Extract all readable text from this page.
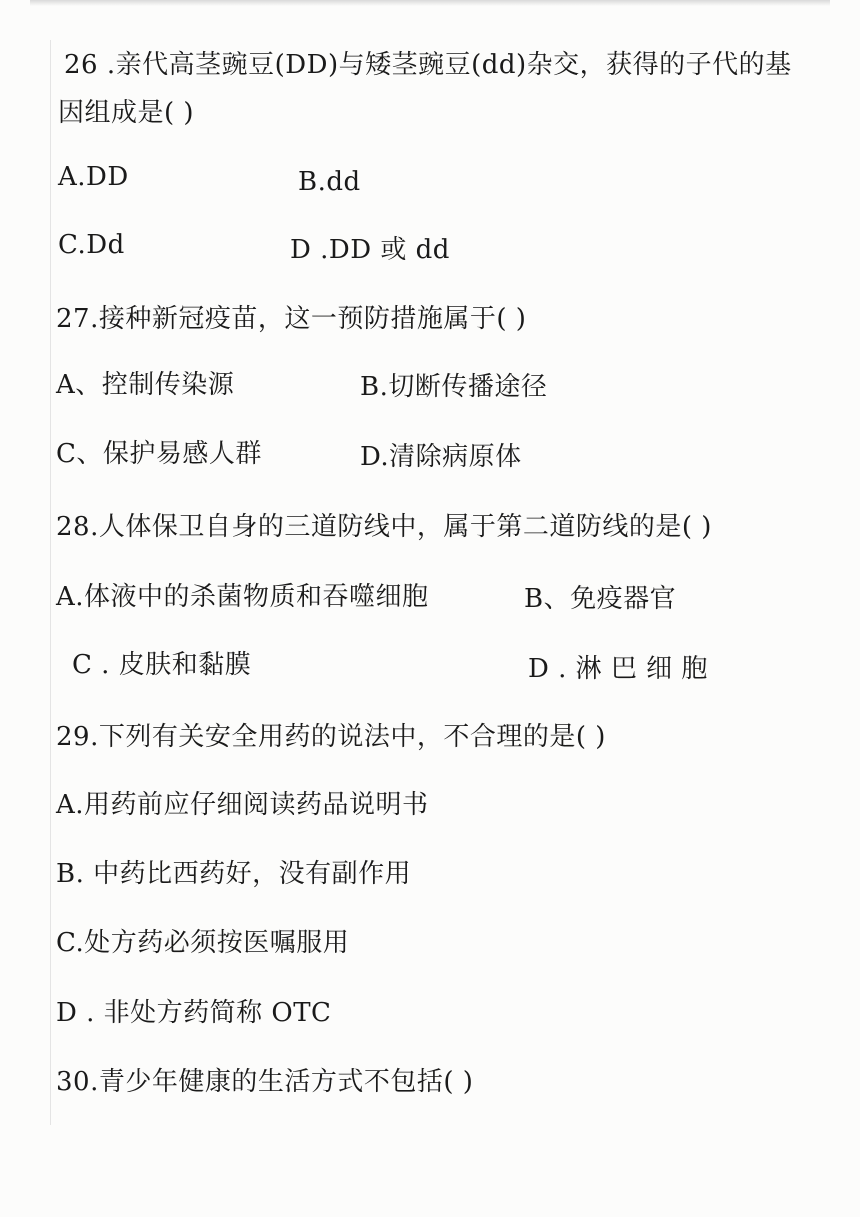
26 .亲代高茎豌豆(DD)与矮茎豌豆(dd)杂交，获得的子代的基
因组成是( )
A.DD	B.dd
C.Dd	D .DD 或 dd
27.接种新冠疫苗，这一预防措施属于( )
A、控制传染源	B.切断传播途径
C、保护易感人群	D.清除病原体
28.人体保卫自身的三道防线中，属于第二道防线的是( )
A.体液中的杀菌物质和吞噬细胞	B、免疫器官
C . 皮肤和黏膜	D . 淋 巴 细 胞
29.下列有关安全用药的说法中，不合理的是( )
A.用药前应仔细阅读药品说明书
B. 中药比西药好，没有副作用
C.处方药必须按医嘱服用
D . 非处方药简称 OTC
30.青少年健康的生活方式不包括( )
